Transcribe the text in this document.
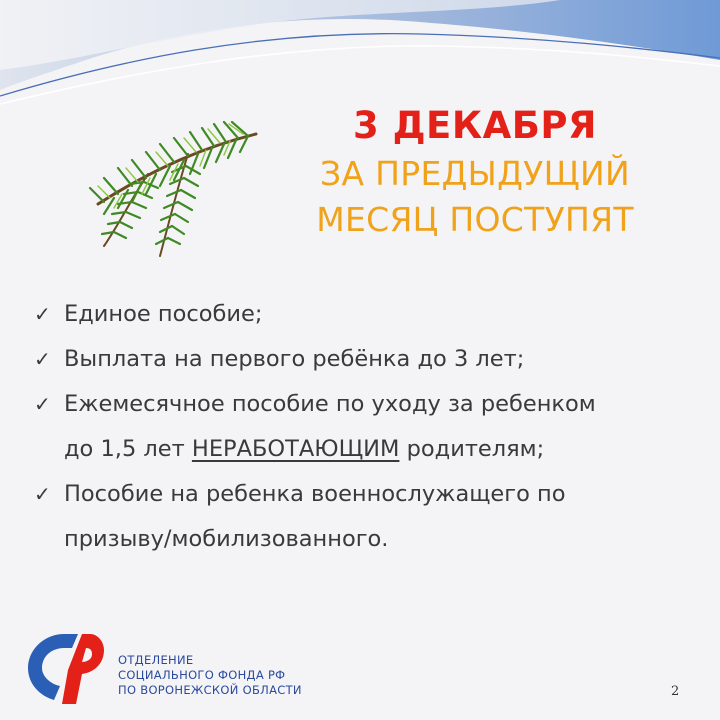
3 ДЕКАБРЯ
ЗА ПРЕДЫДУЩИЙ
МЕСЯЦ ПОСТУПЯТ
✓ Единое пособие;
✓ Выплата на первого ребёнка до 3 лет;
✓ Ежемесячное пособие по уходу за ребенком
до 1,5 лет НЕРАБОТАЮЩИМ родителям;
✓ Пособие на ребенка военнослужащего по
призыву/мобилизованного.
ОТДЕЛЕНИЕ
СОЦИАЛЬНОГО ФОНДА РФ
ПО ВОРОНЕЖСКОЙ ОБЛАСТИ	2
